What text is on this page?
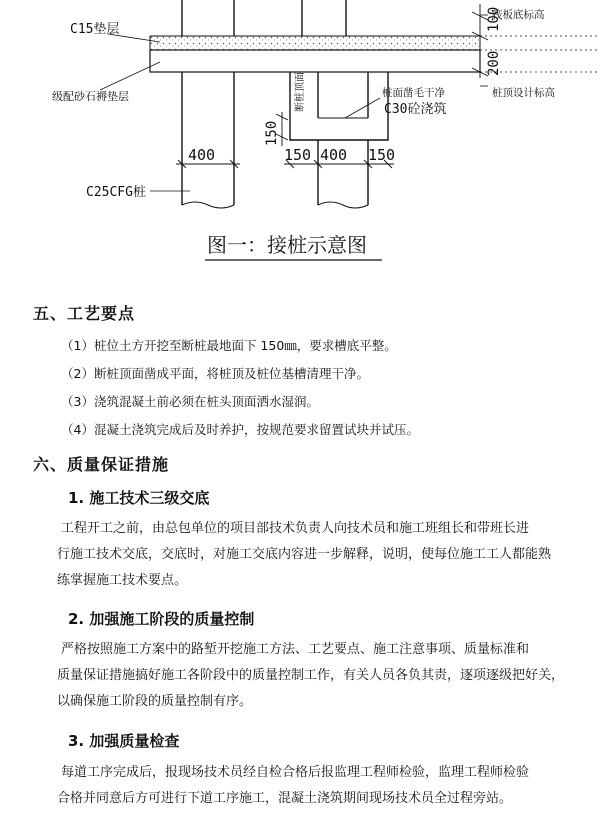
C15垫层
级配砂石褥垫层
C25CFG桩
筏板底标高
桩顶设计标高
桩面凿毛干净
C30砼浇筑
断桩顶面
100
200
150
400	150 400 150
图一：接桩示意图
五、工艺要点
（1）桩位土方开挖至断桩最地面下 150㎜，要求槽底平整。
（2）断桩顶面凿成平面，将桩顶及桩位基槽清理干净。
（3）浇筑混凝土前必须在桩头顶面洒水湿润。
（4）混凝土浇筑完成后及时养护，按规范要求留置试块并试压。
六、质量保证措施
1. 施工技术三级交底
工程开工之前，由总包单位的项目部技术负责人向技术员和施工班组长和带班长进
行施工技术交底，交底时，对施工交底内容进一步解释，说明，使每位施工工人都能熟
练掌握施工技术要点。
2. 加强施工阶段的质量控制
严格按照施工方案中的路堑开挖施工方法、工艺要点、施工注意事项、质量标准和
质量保证措施搞好施工各阶段中的质量控制工作，有关人员各负其责，逐项逐级把好关，
以确保施工阶段的质量控制有序。
3. 加强质量检查
每道工序完成后，报现场技术员经自检合格后报监理工程师检验，监理工程师检验
合格并同意后方可进行下道工序施工，混凝土浇筑期间现场技术员全过程旁站。
